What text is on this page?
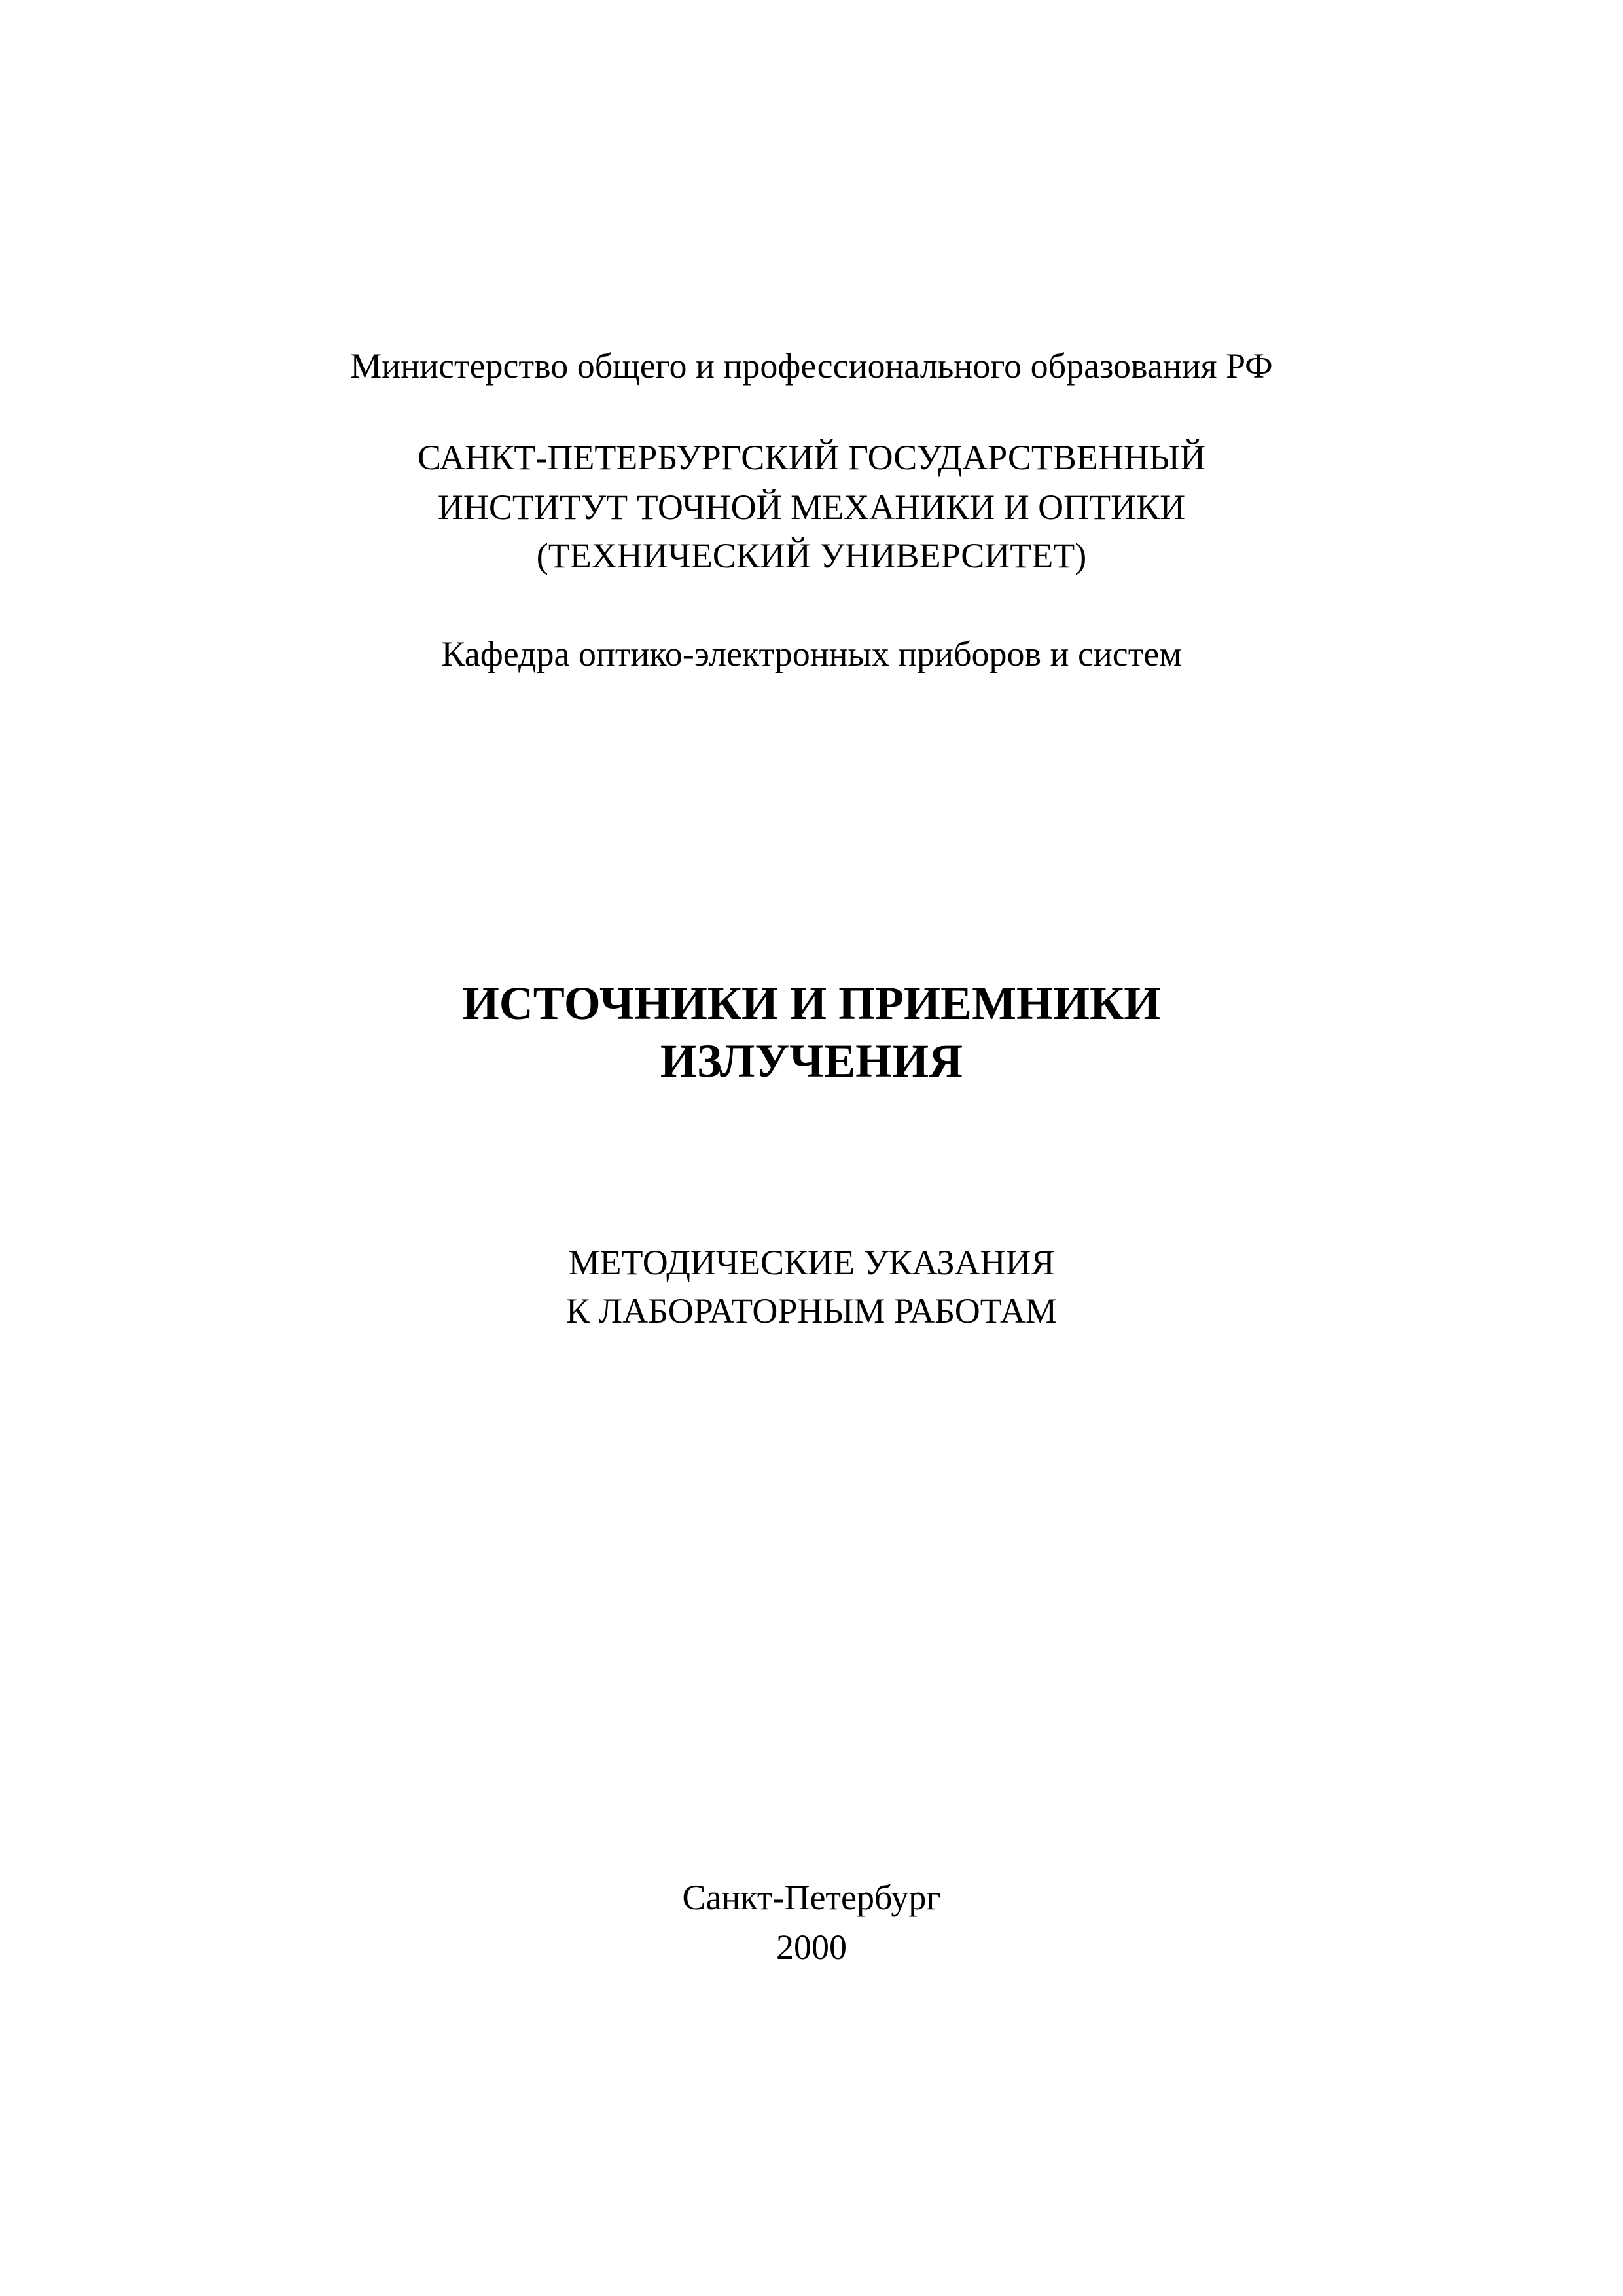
Министерство общего и профессионального образования РФ
САНКТ-ПЕТЕРБУРГСКИЙ ГОСУДАРСТВЕННЫЙ
ИНСТИТУТ ТОЧНОЙ МЕХАНИКИ И ОПТИКИ
(ТЕХНИЧЕСКИЙ УНИВЕРСИТЕТ)
Кафедра оптико-электронных приборов и систем
ИСТОЧНИКИ И ПРИЕМНИКИ
ИЗЛУЧЕНИЯ
МЕТОДИЧЕСКИЕ УКАЗАНИЯ
К ЛАБОРАТОРНЫМ РАБОТАМ
Санкт-Петербург
2000
